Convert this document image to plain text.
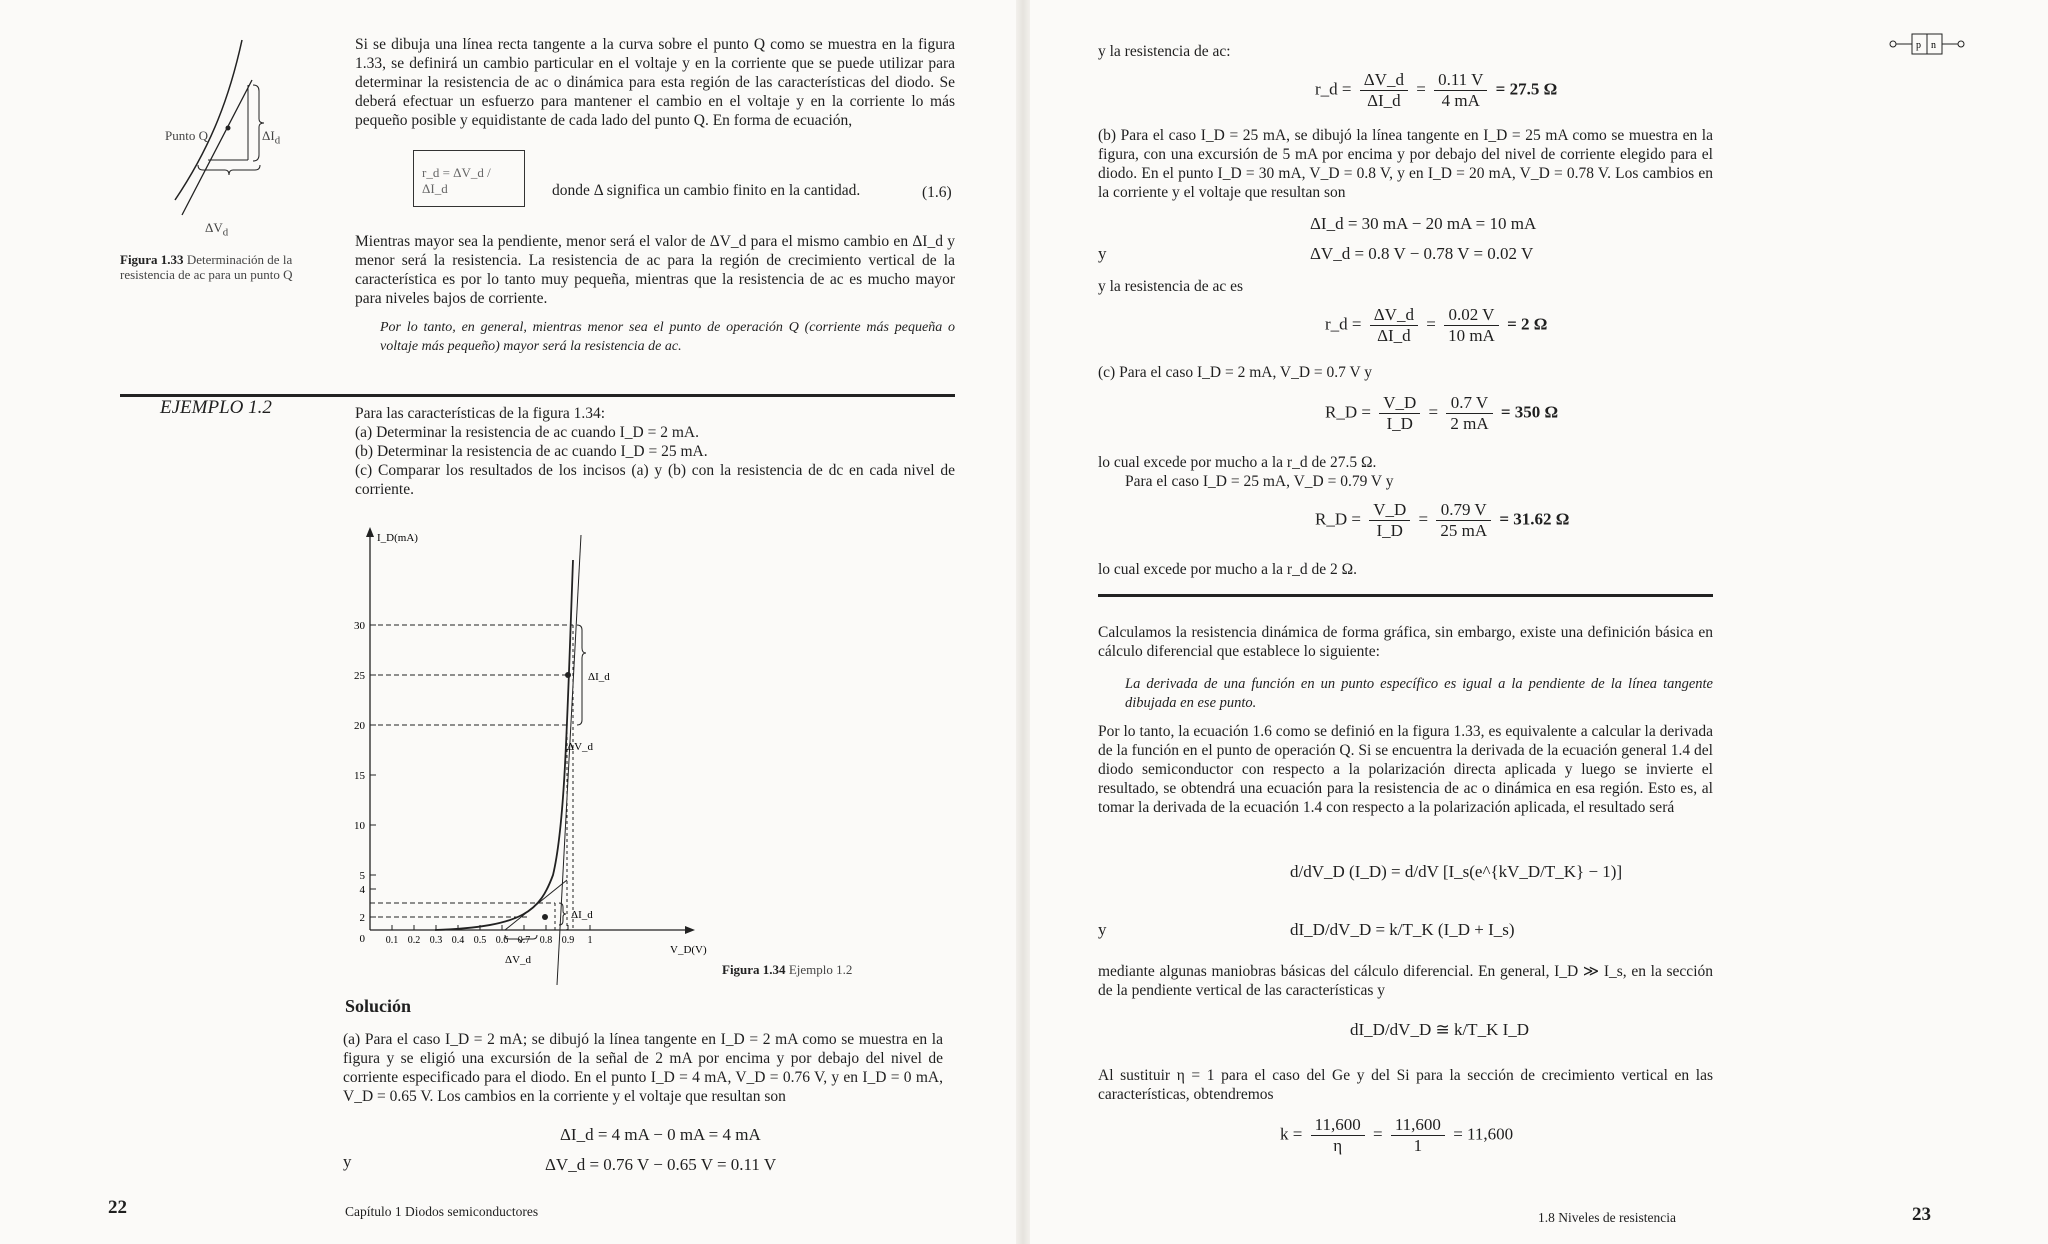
Punto Q	$\Delta I_d$
$\Delta V_d$
Figura 1.33 Determinación de la resistencia de ac para un punto Q

Si se dibuja una línea recta tangente a la curva sobre el punto Q como se muestra en la figura 1.33, se definirá un cambio particular en el voltaje y en la corriente que se puede utilizar para determinar la resistencia de ac o dinámica para esta región de las características del diodo. Se deberá efectuar un esfuerzo para mantener el cambio en el voltaje y en la corriente lo más pequeño posible y equidistante de cada lado del punto Q. En forma de ecuación,

r_d = ΔV_d / ΔI_d	donde Δ significa un cambio finito en la cantidad.	(1.6)

Mientras mayor sea la pendiente, menor será el valor de ΔV_d para el mismo cambio en ΔI_d y menor será la resistencia. La resistencia de ac para la región de crecimiento vertical de la característica es por lo tanto muy pequeña, mientras que la resistencia de ac es mucho mayor para niveles bajos de corriente.

Por lo tanto, en general, mientras menor sea el punto de operación Q (corriente más pequeña o voltaje más pequeño) mayor será la resistencia de ac.

EJEMPLO 1.2	Para las características de la figura 1.34:
(a) Determinar la resistencia de ac cuando I_D = 2 mA.
(b) Determinar la resistencia de ac cuando I_D = 25 mA.
(c) Comparar los resultados de los incisos (a) y (b) con la resistencia de dc en cada nivel de corriente.
30
25
20
15
10
5
4
2
0 0.1 0.2 0.3 0.4 0.5 0.6 0.7 0.8 0.9 1
I_D(mA)
V_D(V)
ΔI_d
ΔV_d
ΔI_d
ΔV_d
Figura 1.34 Ejemplo 1.2
Solución

(a) Para el caso I_D = 2 mA; se dibujó la línea tangente en I_D = 2 mA como se muestra en la figura y se eligió una excursión de la señal de 2 mA por encima y por debajo del nivel de corriente especificado para el diodo. En el punto I_D = 4 mA, V_D = 0.76 V, y en I_D = 0 mA, V_D = 0.65 V. Los cambios en la corriente y el voltaje que resultan son

ΔI_d = 4 mA − 0 mA = 4 mA
y	ΔV_d = 0.76 V − 0.65 V = 0.11 V
22	Capítulo 1 Diodos semiconductores
p n
y la resistencia de ac:
r_d = $\frac{\Delta V\_d}{\Delta I\_d} = \frac{0.11 V}{4 mA} = 27.5$ Ω

(b) Para el caso I_D = 25 mA, se dibujó la línea tangente en I_D = 25 mA como se muestra en la figura, con una excursión de 5 mA por encima y por debajo del nivel de corriente elegido para el diodo. En el punto I_D = 30 mA, V_D = 0.8 V, y en I_D = 20 mA, V_D = 0.78 V. Los cambios en la corriente y el voltaje que resultan son

ΔI_d = 30 mA − 20 mA = 10 mA
y	ΔV_d = 0.8 V − 0.78 V = 0.02 V
y la resistencia de ac es
r_d = $\frac{\Delta V\_d}{\Delta I\_d} = \frac{0.02 V}{10 mA} = 2$ Ω
(c) Para el caso I_D = 2 mA, V_D = 0.7 V y
R_D = $\frac{V\_D}{I\_D} = \frac{0.7 V}{2 mA} = 350$ Ω
lo cual excede por mucho a la r_d de 27.5 Ω.
Para el caso I_D = 25 mA, V_D = 0.79 V y
R_D = $\frac{V\_D}{I\_D} = \frac{0.79 V}{25 mA} = 31.62$ Ω
lo cual excede por mucho a la r_d de 2 Ω.

Calculamos la resistencia dinámica de forma gráfica, sin embargo, existe una definición básica en cálculo diferencial que establece lo siguiente:

La derivada de una función en un punto específico es igual a la pendiente de la línea tangente dibujada en ese punto.

Por lo tanto, la ecuación 1.6 como se definió en la figura 1.33, es equivalente a calcular la derivada de la función en el punto de operación Q. Si se encuentra la derivada de la ecuación general 1.4 del diodo semiconductor con respecto a la polarización directa aplicada y luego se invierte el resultado, se obtendrá una ecuación para la resistencia de ac o dinámica en esa región. Esto es, al tomar la derivada de la ecuación 1.4 con respecto a la polarización aplicada, el resultado será

d/dV_D (I_D) = d/dV [I_s(e^{kV_D/T_K} − 1)]
y	dI_D/dV_D = k/T_K (I_D + I_s)

mediante algunas maniobras básicas del cálculo diferencial. En general, I_D ≫ I_s, en la sección de la pendiente vertical de las características y

dI_D/dV_D ≅ k/T_K I_D

Al sustituir η = 1 para el caso del Ge y del Si para la sección de crecimiento vertical en las características, obtendremos

$k = \frac{11,600}{\eta} = \frac{11,600}{1} = 11,600$
1.8 Niveles de resistencia	23
